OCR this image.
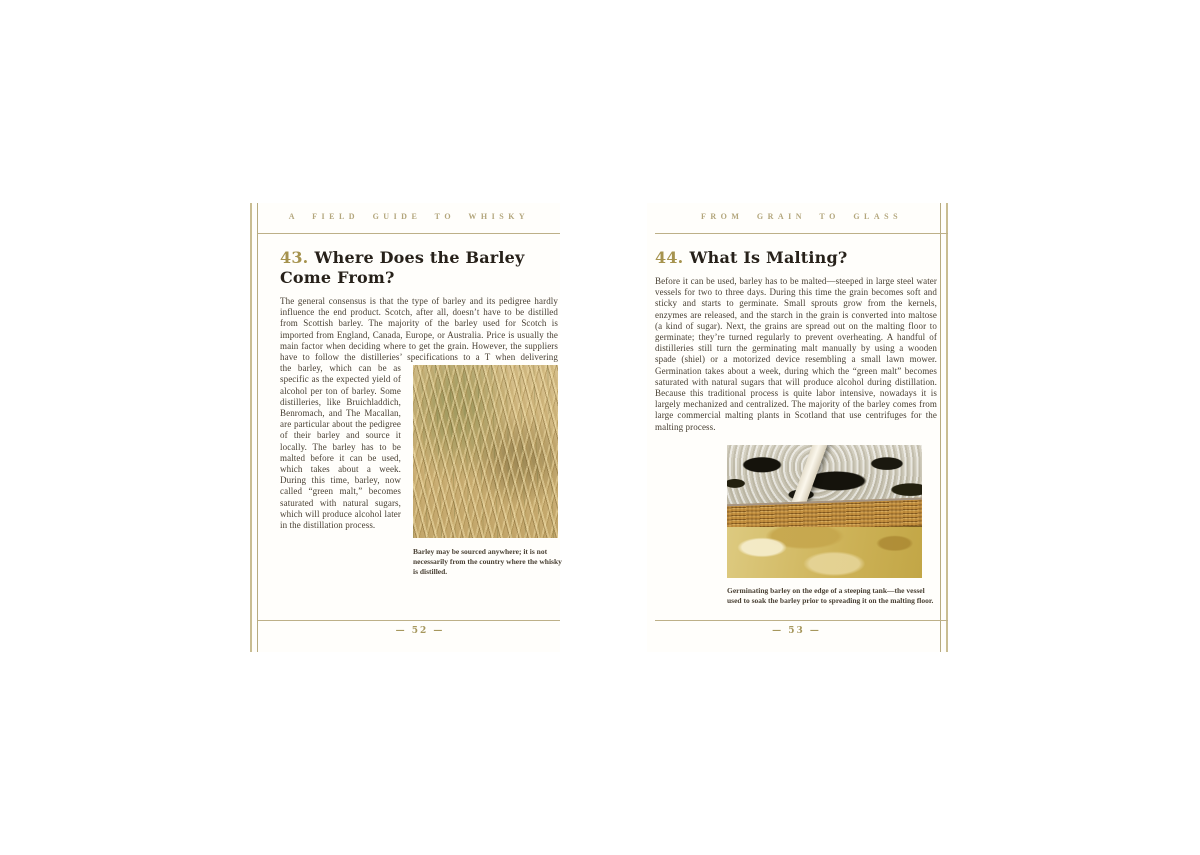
A FIELD GUIDE TO WHISKY
43. Where Does the Barley Come From?

The general consensus is that the type of barley and its pedigree hardly influence the end product. Scotch, after all, doesn’t have to be distilled from Scottish barley. The majority of the barley used for Scotch is imported from England, Canada, Europe, or Australia. Price is usually the main factor when deciding where to get the grain. However, the suppliers have to follow the distilleries’ specifications to a T when delivering

Barley may be sourced anywhere; it is not necessarily from the country where the whisky is distilled.

the barley, which can be as specific as the expected yield of alcohol per ton of barley. Some distilleries, like Bruichladdich, Benromach, and The Macallan, are particular about the pedigree of their barley and source it locally. The barley has to be malted before it can be used, which takes about a week. During this time, barley, now called “green malt,” becomes saturated with natural sugars, which will produce alcohol later in the distillation process.

— 52 —
FROM GRAIN TO GLASS
44. What Is Malting?

Before it can be used, barley has to be malted—steeped in large steel water vessels for two to three days. During this time the grain becomes soft and sticky and starts to germinate. Small sprouts grow from the kernels, enzymes are released, and the starch in the grain is converted into maltose (a kind of sugar). Next, the grains are spread out on the malting floor to germinate; they’re turned regularly to prevent overheating. A handful of distilleries still turn the germinating malt manually by using a wooden spade (shiel) or a motorized device resembling a small lawn mower. Germination takes about a week, during which the “green malt” becomes saturated with natural sugars that will produce alcohol during distillation. Because this traditional process is quite labor intensive, nowadays it is largely mechanized and centralized. The majority of the barley comes from large commercial malting plants in Scotland that use centrifuges for the malting process.

Germinating barley on the edge of a steeping tank—the vessel used to soak the barley prior to spreading it on the malting floor.
— 53 —
